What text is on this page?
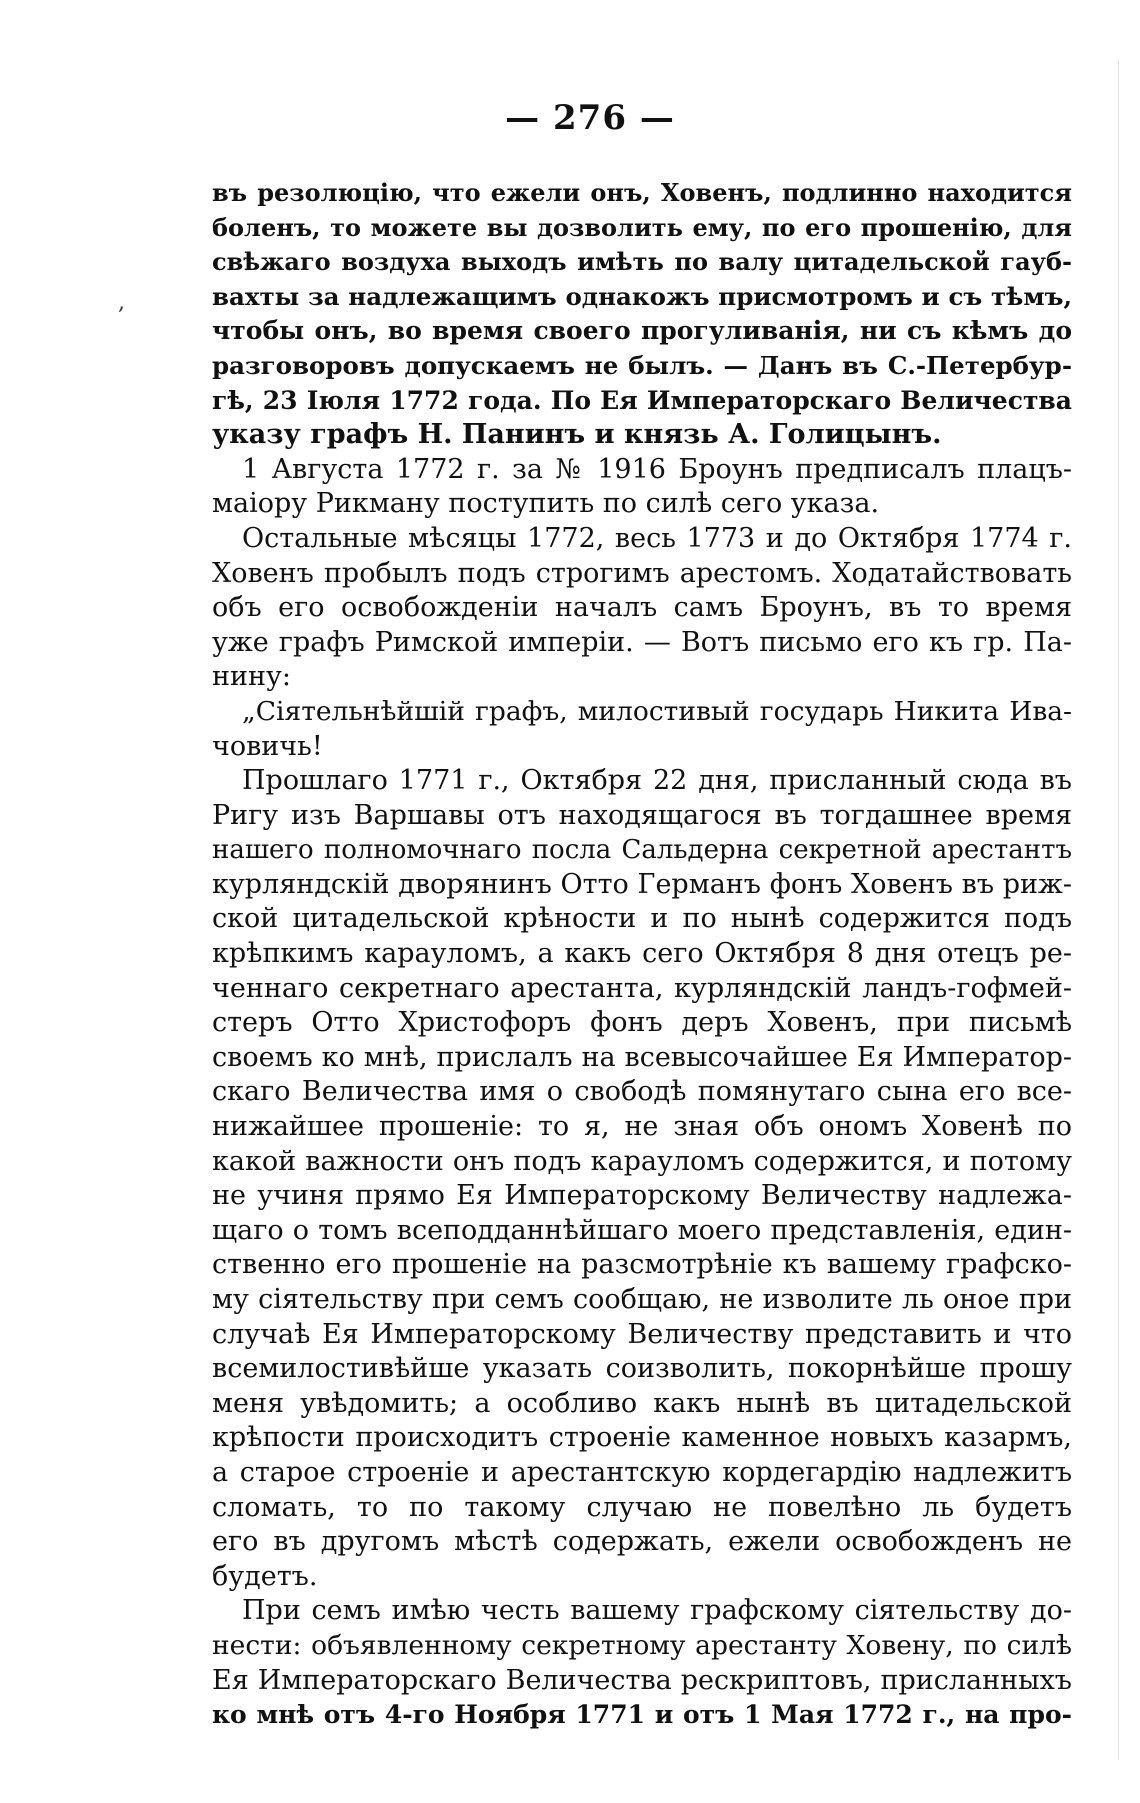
— 276 —
,
въ резолюцію, что ежели онъ, Ховенъ, подлинно находится
боленъ, то можете вы дозволить ему, по его прошенію, для
свѣжаго воздуха выходъ имѣть по валу цитадельской гауб-
вахты за надлежащимъ однакожъ присмотромъ и съ тѣмъ,
чтобы онъ, во время своего прогуливанія, ни съ кѣмъ до
разговоровъ допускаемъ не былъ. — Данъ въ С.-Петербур-
гѣ, 23 Іюля 1772 года. По Ея Императорскаго Величества
указу графъ Н. Панинъ и князь А. Голицынъ.
1 Августа 1772 г. за № 1916 Броунъ предписалъ плацъ-
маіору Рикману поступить по силѣ сего указа.
Остальные мѣсяцы 1772, весь 1773 и до Октября 1774 г.
Ховенъ пробылъ подъ строгимъ арестомъ. Ходатайствовать
объ его освобожденіи началъ самъ Броунъ, въ то время
уже графъ Римской имперіи. — Вотъ письмо его къ гр. Па-
нину:
„Сіятельнѣйшій графъ, милостивый государь Никита Ива-
човичь!
Прошлаго 1771 г., Октября 22 дня, присланный сюда въ
Ригу изъ Варшавы отъ находящагося въ тогдашнее время
нашего полномочнаго посла Сальдерна секретной арестантъ
курляндскій дворянинъ Отто Германъ фонъ Ховенъ въ риж-
ской цитадельской крѣности и по нынѣ содержится подъ
крѣпкимъ карауломъ, а какъ сего Октября 8 дня отецъ ре-
ченнаго секретнаго арестанта, курляндскій ландъ-гофмей-
стеръ Отто Христофоръ фонъ деръ Ховенъ, при письмѣ
своемъ ко мнѣ, прислалъ на всевысочайшее Ея Император-
скаго Величества имя о свободѣ помянутаго сына его все-
нижайшее прошеніе: то я, не зная объ ономъ Ховенѣ по
какой важности онъ подъ карауломъ содержится, и потому
не учиня прямо Ея Императорскому Величеству надлежа-
щаго о томъ всеподданнѣйшаго моего представленія, един-
ственно его прошеніе на разсмотрѣніе къ вашему графско-
му сіятельству при семъ сообщаю, не изволите ль оное при
случаѣ Ея Императорскому Величеству представить и что
всемилостивѣйше указать соизволить, покорнѣйше прошу
меня увѣдомить; а особливо какъ нынѣ въ цитадельской
крѣпости происходитъ строеніе каменное новыхъ казармъ,
а старое строеніе и арестантскую кордегардію надлежитъ
сломать, то по такому случаю не повелѣно ль будетъ
его въ другомъ мѣстѣ содержать, ежели освобожденъ не
будетъ.
При семъ имѣю честь вашему графскому сіятельству до-
нести: объявленному секретному арестанту Ховену, по силѣ
Ея Императорскаго Величества рескриптовъ, присланныхъ
ко мнѣ отъ 4-го Ноября 1771 и отъ 1 Мая 1772 г., на про-
